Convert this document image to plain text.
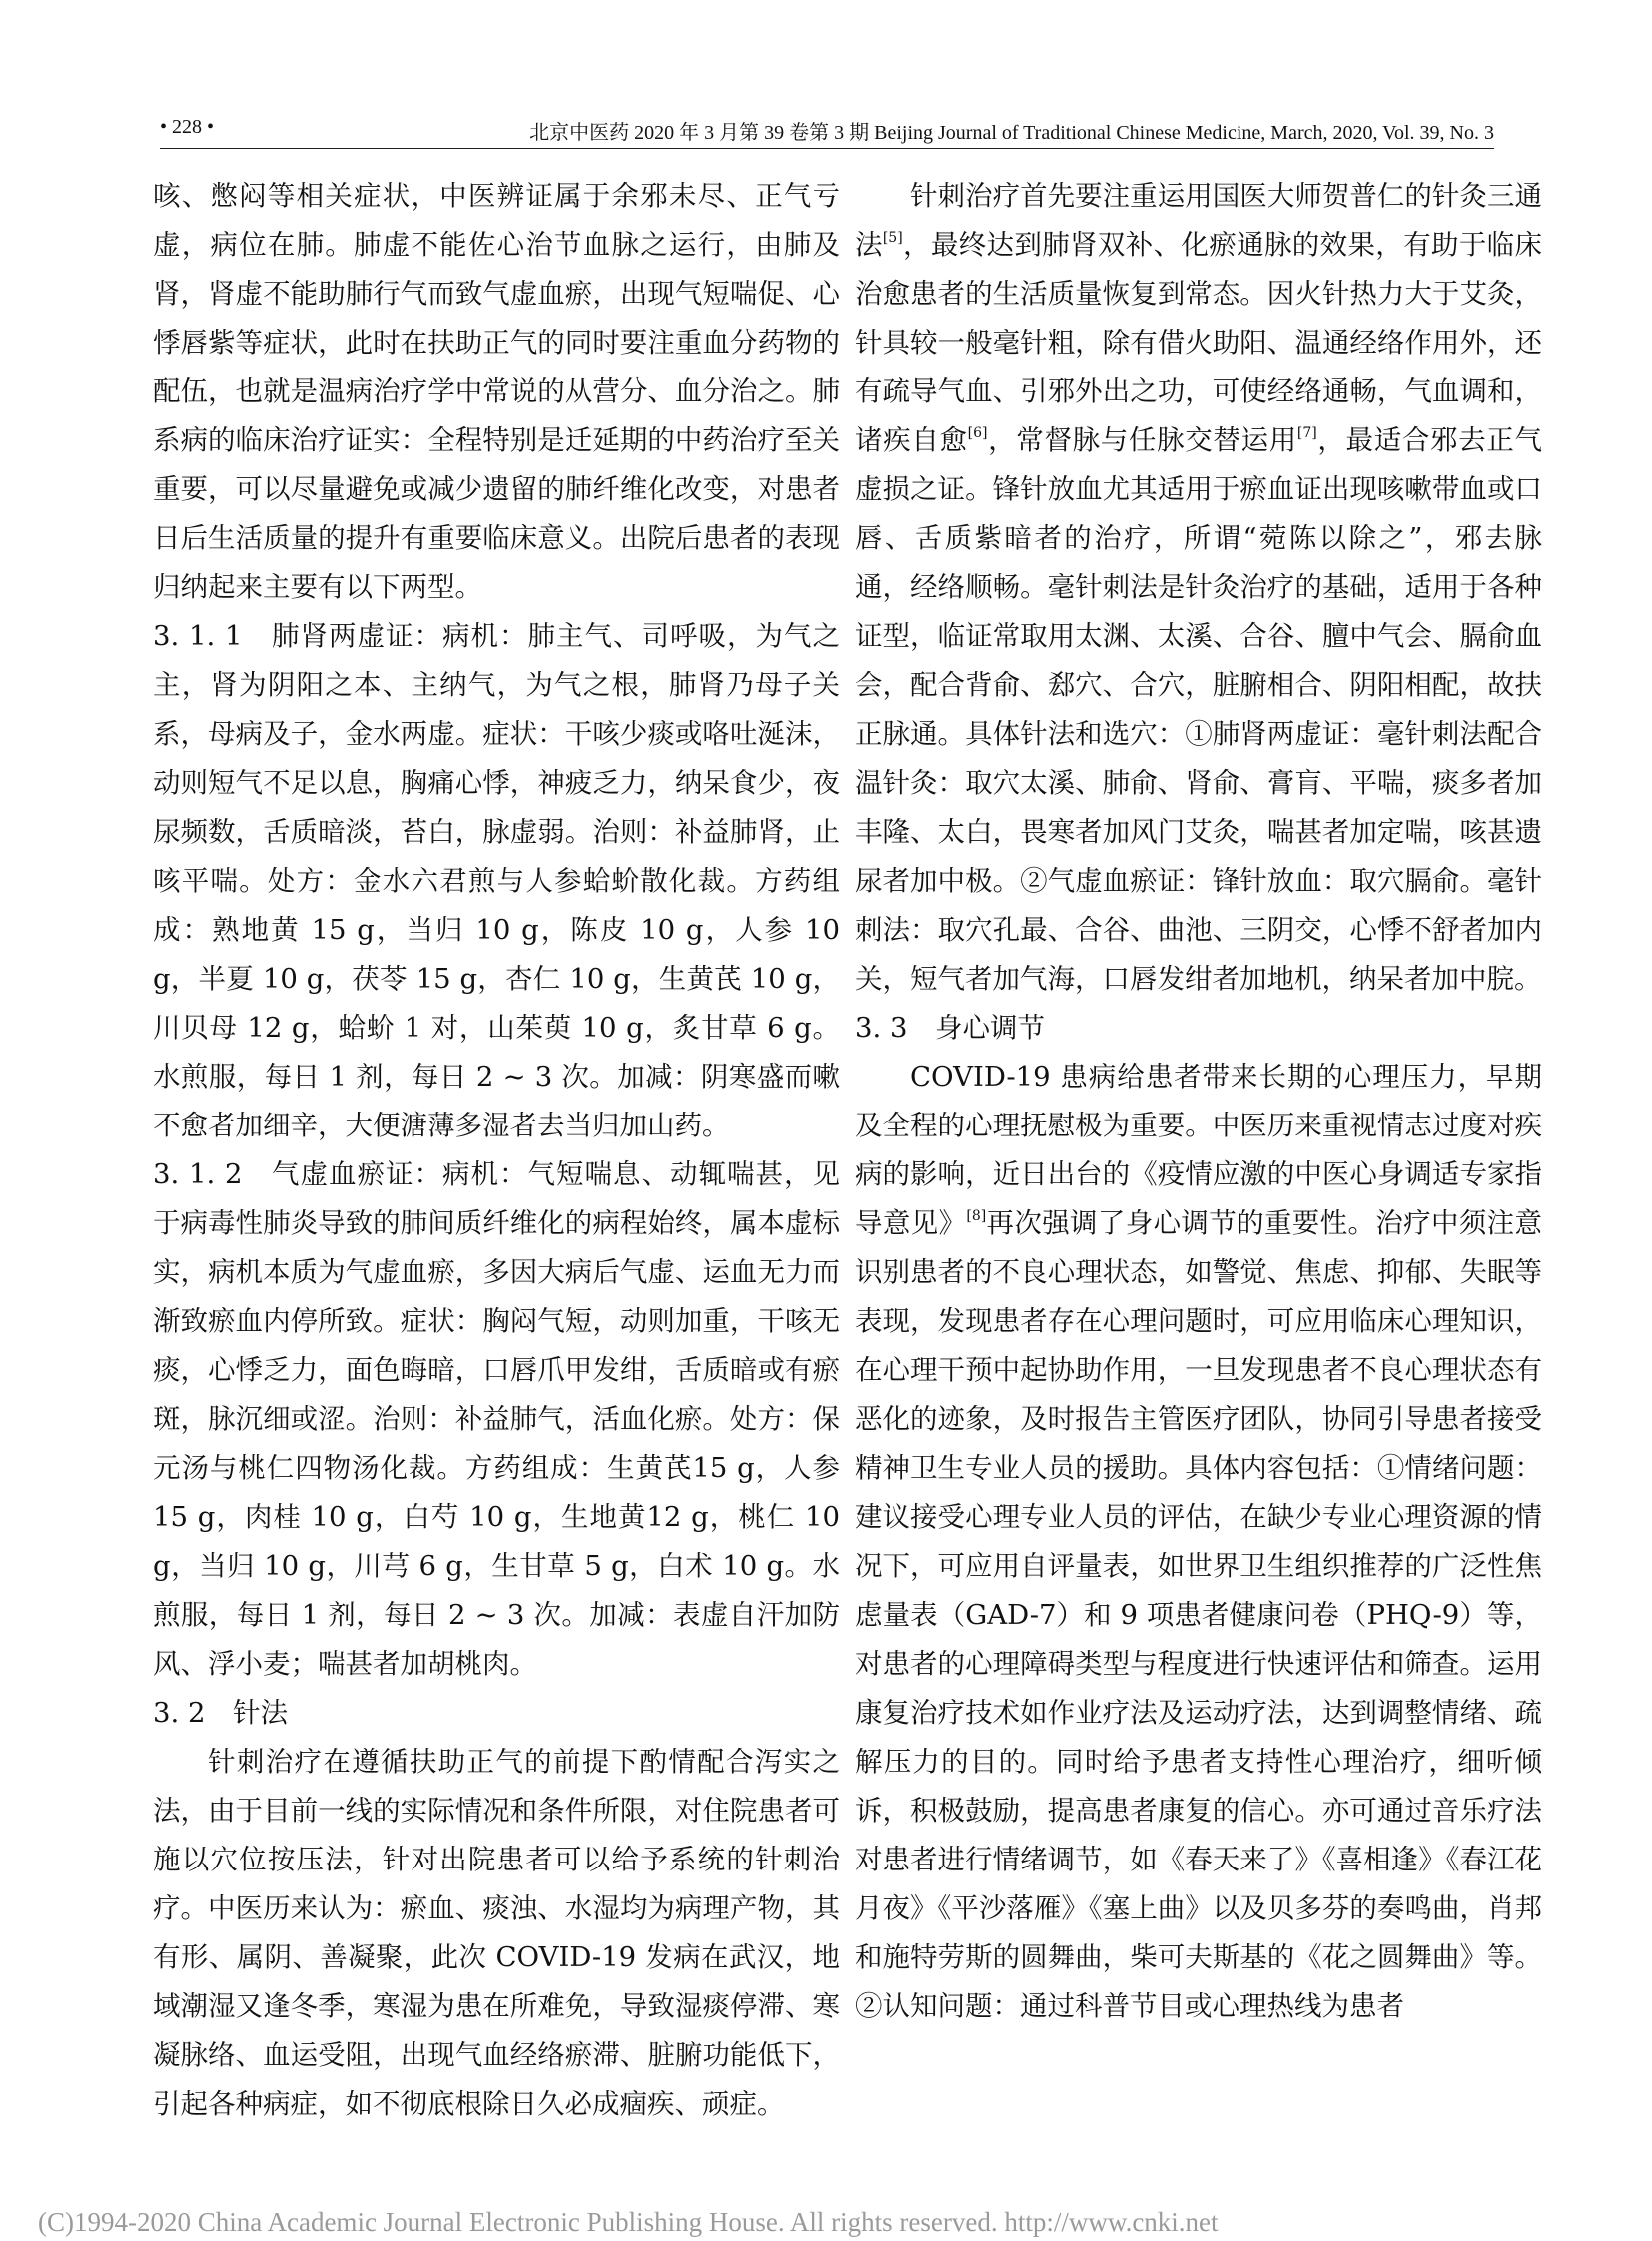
• 228 •	北京中医药 2020 年 3 月第 39 卷第 3 期 Beijing Journal of Traditional Chinese Medicine, March, 2020, Vol. 39, No. 3

咳、憋闷等相关症状，中医辨证属于余邪未尽、正气亏虚，病位在肺。肺虚不能佐心治节血脉之运行，由肺及肾，肾虚不能助肺行气而致气虚血瘀，出现气短喘促、心悸唇紫等症状，此时在扶助正气的同时要注重血分药物的配伍，也就是温病治疗学中常说的从营分、血分治之。肺系病的临床治疗证实：全程特别是迁延期的中药治疗至关重要，可以尽量避免或减少遗留的肺纤维化改变，对患者日后生活质量的提升有重要临床意义。出院后患者的表现归纳起来主要有以下两型。

3. 1. 1　肺肾两虚证：病机：肺主气、司呼吸，为气之主，肾为阴阳之本、主纳气，为气之根，肺肾乃母子关系，母病及子，金水两虚。症状：干咳少痰或咯吐涎沫，动则短气不足以息，胸痛心悸，神疲乏力，纳呆食少，夜尿频数，舌质暗淡，苔白，脉虚弱。治则：补益肺肾，止咳平喘。处方：金水六君煎与人参蛤蚧散化裁。方药组成：熟地黄 15 g，当归 10 g，陈皮 10 g，人参 10 g，半夏 10 g，茯苓 15 g，杏仁 10 g，生黄芪 10 g，川贝母 12 g，蛤蚧 1 对，山茱萸 10 g，炙甘草 6 g。水煎服，每日 1 剂，每日 2 ~ 3 次。加减：阴寒盛而嗽不愈者加细辛，大便溏薄多湿者去当归加山药。

3. 1. 2　气虚血瘀证：病机：气短喘息、动辄喘甚，见于病毒性肺炎导致的肺间质纤维化的病程始终，属本虚标实，病机本质为气虚血瘀，多因大病后气虚、运血无力而渐致瘀血内停所致。症状：胸闷气短，动则加重，干咳无痰，心悸乏力，面色晦暗，口唇爪甲发绀，舌质暗或有瘀斑，脉沉细或涩。治则：补益肺气，活血化瘀。处方：保元汤与桃仁四物汤化裁。方药组成：生黄芪15 g，人参 15 g，肉桂 10 g，白芍 10 g，生地黄12 g，桃仁 10 g，当归 10 g，川芎 6 g，生甘草 5 g，白术 10 g。水煎服，每日 1 剂，每日 2 ~ 3 次。加减：表虚自汗加防风、浮小麦；喘甚者加胡桃肉。

3. 2　针法

针刺治疗在遵循扶助正气的前提下酌情配合泻实之法，由于目前一线的实际情况和条件所限，对住院患者可施以穴位按压法，针对出院患者可以给予系统的针刺治疗。中医历来认为：瘀血、痰浊、水湿均为病理产物，其有形、属阴、善凝聚，此次 COVID-19 发病在武汉，地域潮湿又逢冬季，寒湿为患在所难免，导致湿痰停滞、寒凝脉络、血运受阻，出现气血经络瘀滞、脏腑功能低下，引起各种病症，如不彻底根除日久必成痼疾、顽症。

针刺治疗首先要注重运用国医大师贺普仁的针灸三通法[5]，最终达到肺肾双补、化瘀通脉的效果，有助于临床治愈患者的生活质量恢复到常态。因火针热力大于艾灸，针具较一般毫针粗，除有借火助阳、温通经络作用外，还有疏导气血、引邪外出之功，可使经络通畅，气血调和，诸疾自愈[6]，常督脉与任脉交替运用[7]，最适合邪去正气虚损之证。锋针放血尤其适用于瘀血证出现咳嗽带血或口唇、舌质紫暗者的治疗，所谓“菀陈以除之”，邪去脉通，经络顺畅。毫针刺法是针灸治疗的基础，适用于各种证型，临证常取用太渊、太溪、合谷、膻中气会、膈俞血会，配合背俞、郄穴、合穴，脏腑相合、阴阳相配，故扶正脉通。具体针法和选穴：①肺肾两虚证：毫针刺法配合温针灸：取穴太溪、肺俞、肾俞、膏肓、平喘，痰多者加丰隆、太白，畏寒者加风门艾灸，喘甚者加定喘，咳甚遗尿者加中极。②气虚血瘀证：锋针放血：取穴膈俞。毫针刺法：取穴孔最、合谷、曲池、三阴交，心悸不舒者加内关，短气者加气海，口唇发绀者加地机，纳呆者加中脘。

3. 3　身心调节

COVID-19 患病给患者带来长期的心理压力，早期及全程的心理抚慰极为重要。中医历来重视情志过度对疾病的影响，近日出台的《疫情应激的中医心身调适专家指导意见》[8]再次强调了身心调节的重要性。治疗中须注意识别患者的不良心理状态，如警觉、焦虑、抑郁、失眠等表现，发现患者存在心理问题时，可应用临床心理知识，在心理干预中起协助作用，一旦发现患者不良心理状态有恶化的迹象，及时报告主管医疗团队，协同引导患者接受精神卫生专业人员的援助。具体内容包括：①情绪问题：建议接受心理专业人员的评估，在缺少专业心理资源的情况下，可应用自评量表，如世界卫生组织推荐的广泛性焦虑量表（GAD-7）和 9 项患者健康问卷（PHQ-9）等，对患者的心理障碍类型与程度进行快速评估和筛查。运用康复治疗技术如作业疗法及运动疗法，达到调整情绪、疏解压力的目的。同时给予患者支持性心理治疗，细听倾诉，积极鼓励，提高患者康复的信心。亦可通过音乐疗法对患者进行情绪调节，如《春天来了》《喜相逢》《春江花月夜》《平沙落雁》《塞上曲》以及贝多芬的奏鸣曲，肖邦和施特劳斯的圆舞曲，柴可夫斯基的《花之圆舞曲》等。②认知问题：通过科普节目或心理热线为患者

(C)1994-2020 China Academic Journal Electronic Publishing House. All rights reserved. http://www.cnki.net
